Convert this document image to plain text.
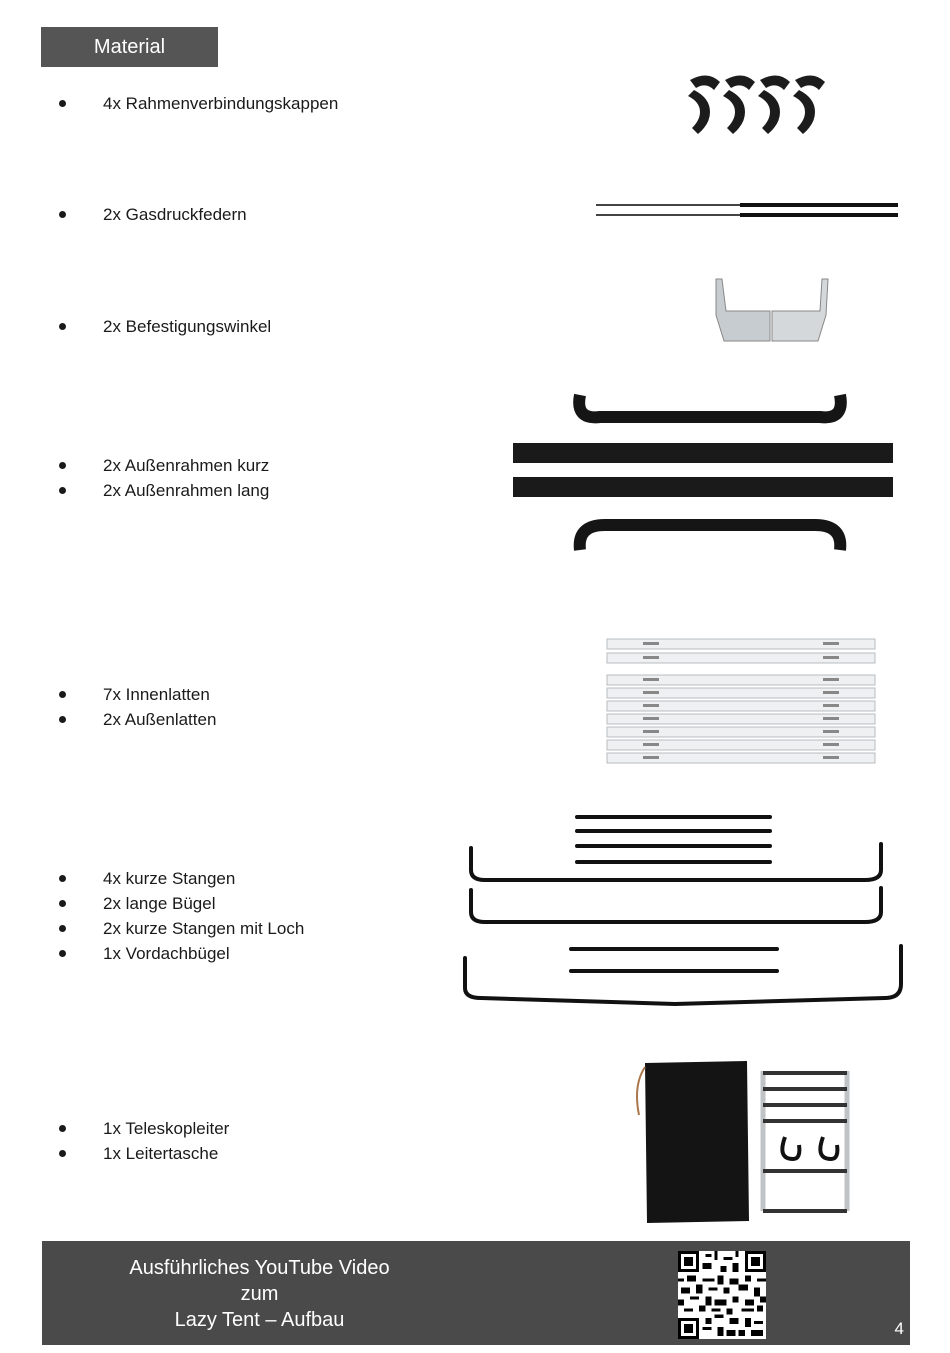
Material
4x Rahmenverbindungskappen
2x Gasdruckfedern
2x Befestigungswinkel
2x Außenrahmen kurz
2x Außenrahmen lang
7x Innenlatten
2x Außenlatten
4x kurze Stangen
2x lange Bügel
2x kurze Stangen mit Loch
1x Vordachbügel
1x Teleskopleiter
1x Leitertasche
Ausführliches YouTube Video
zum
Lazy Tent – Aufbau	4
